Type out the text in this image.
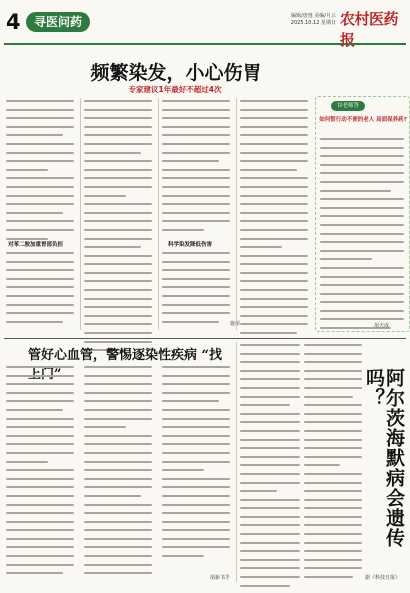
4	寻医问药	编辑/唐逸 美编/月云
2025.10.12 星期日 农村医药报
频繁染发，小心伤胃
专家建议1年最好不超过4次
对苯二胺加重胃部负担	科学染发降低伤害
施新
谷老师答
如何暂行动不便的老人 局面保养药?
胡天成
管好心血管，警惕逐染性疾病 “找
胡新书乎
阿尔茨海默病会遗传吗？
据《科技日报》
